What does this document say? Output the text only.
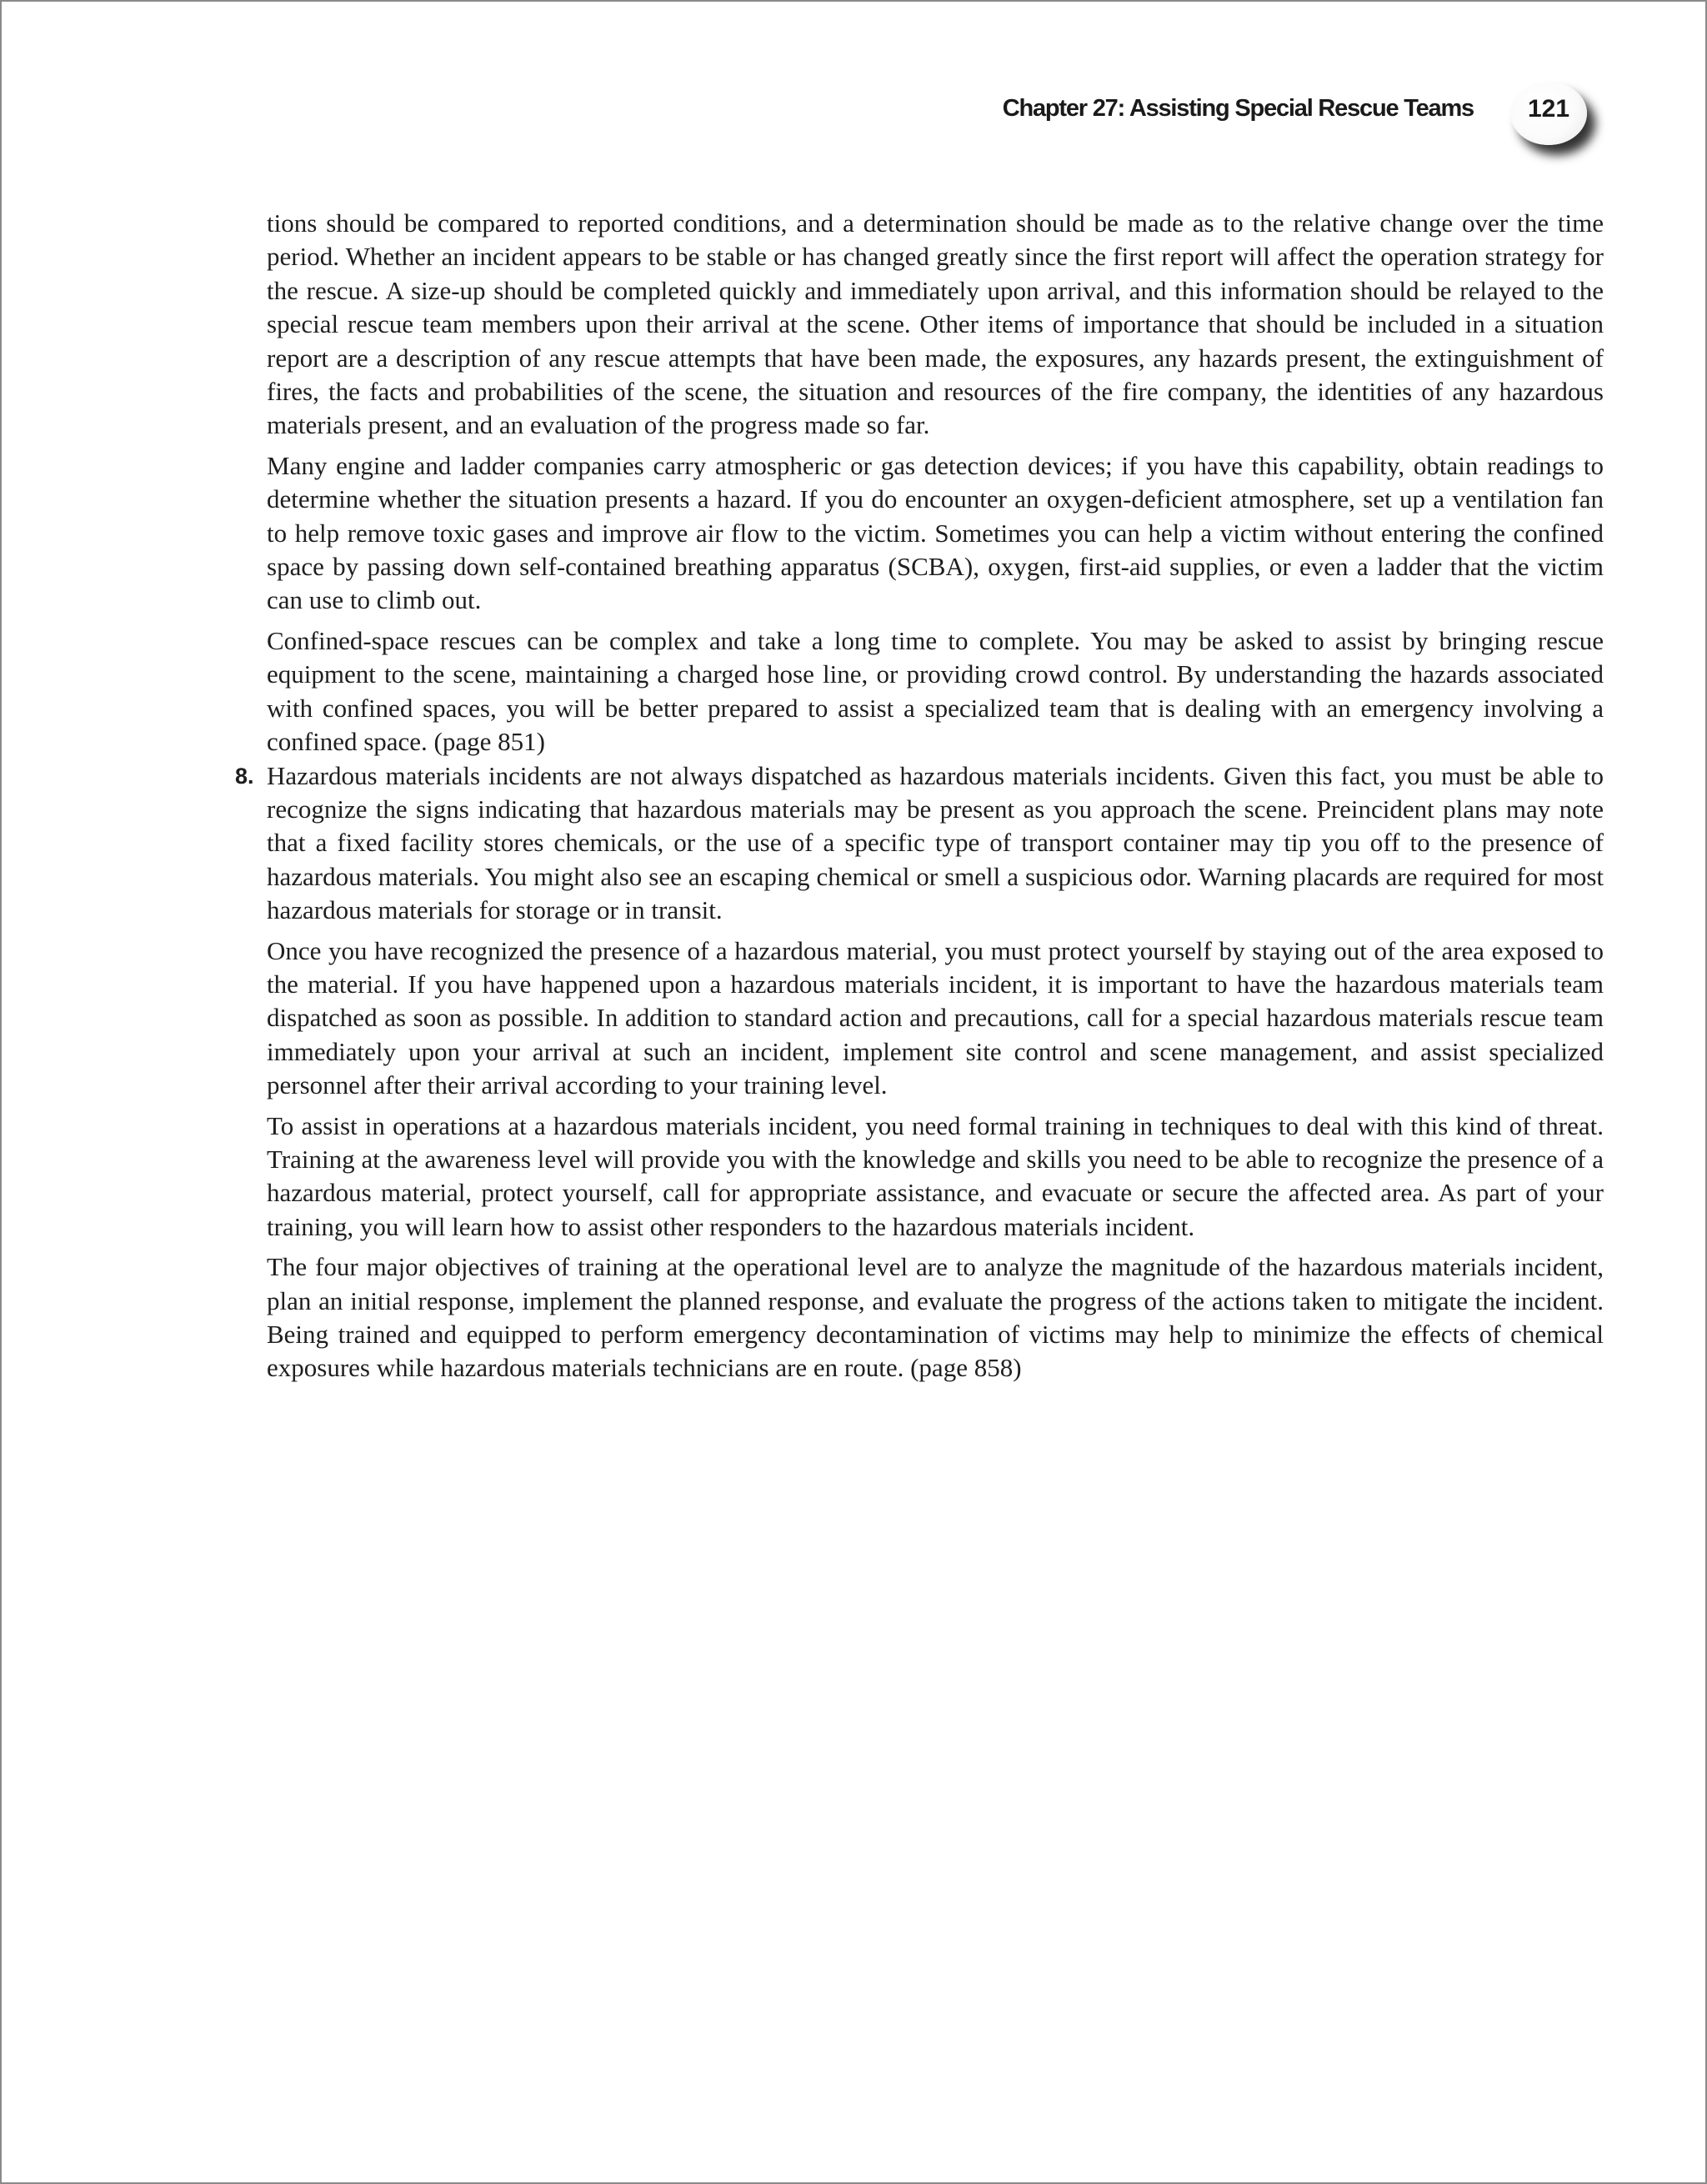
Chapter 27: Assisting Special Rescue Teams	121

tions should be compared to reported conditions, and a determination should be made as to the relative change over the time period. Whether an incident appears to be stable or has changed greatly since the first report will affect the operation strategy for the rescue. A size-up should be completed quickly and immediately upon arrival, and this information should be relayed to the special rescue team members upon their arrival at the scene. Other items of importance that should be included in a situation report are a description of any rescue attempts that have been made, the exposures, any hazards present, the extinguishment of fires, the facts and probabilities of the scene, the situation and resources of the fire company, the identities of any hazardous materials present, and an evaluation of the progress made so far.

Many engine and ladder companies carry atmospheric or gas detection devices; if you have this capability, obtain readings to determine whether the situation presents a hazard. If you do encounter an oxygen-deficient atmosphere, set up a ventilation fan to help remove toxic gases and improve air flow to the victim. Sometimes you can help a victim without entering the confined space by passing down self-contained breathing apparatus (SCBA), oxygen, first-aid supplies, or even a ladder that the victim can use to climb out.

Confined-space rescues can be complex and take a long time to complete. You may be asked to assist by bringing rescue equipment to the scene, maintaining a charged hose line, or providing crowd control. By understanding the hazards associated with confined spaces, you will be better prepared to assist a specialized team that is dealing with an emergency involving a confined space. (page 851)

8. Hazardous materials incidents are not always dispatched as hazardous materials incidents. Given this fact, you must be able to recognize the signs indicating that hazardous materials may be present as you approach the scene. Preincident plans may note that a fixed facility stores chemicals, or the use of a specific type of transport container may tip you off to the presence of hazardous materials. You might also see an escaping chemical or smell a suspicious odor. Warning placards are required for most hazardous materials for storage or in transit.

Once you have recognized the presence of a hazardous material, you must protect yourself by staying out of the area exposed to the material. If you have happened upon a hazardous materials incident, it is important to have the hazardous materials team dispatched as soon as possible. In addition to standard action and precautions, call for a special hazardous materials rescue team immediately upon your arrival at such an incident, implement site control and scene management, and assist specialized personnel after their arrival according to your training level.

To assist in operations at a hazardous materials incident, you need formal training in techniques to deal with this kind of threat. Training at the awareness level will provide you with the knowledge and skills you need to be able to recognize the presence of a hazardous material, protect yourself, call for appropriate assistance, and evacuate or secure the affected area. As part of your training, you will learn how to assist other responders to the hazardous materials incident.

The four major objectives of training at the operational level are to analyze the magnitude of the hazardous materials incident, plan an initial response, implement the planned response, and evaluate the progress of the actions taken to mitigate the incident. Being trained and equipped to perform emergency decontamination of victims may help to minimize the effects of chemical exposures while hazardous materials technicians are en route. (page 858)
